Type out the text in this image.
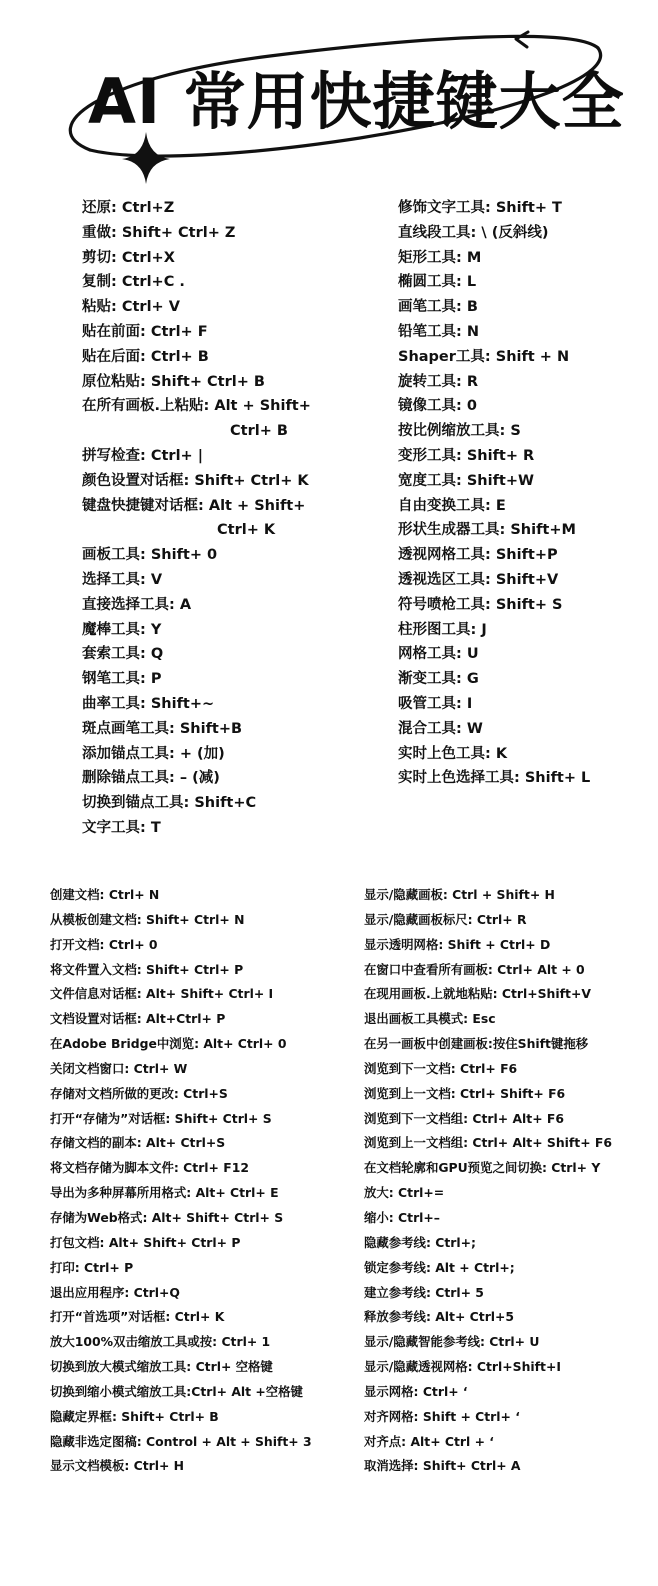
AI 常用快捷键大全
还原: Ctrl+Z
重做: Shift+ Ctrl+ Z
剪切: Ctrl+X
复制: Ctrl+C .
粘贴: Ctrl+ V
贴在前面: Ctrl+ F
贴在后面: Ctrl+ B
原位粘贴: Shift+ Ctrl+ B
在所有画板.上粘贴: Alt + Shift+
Ctrl+ B
拼写检查: Ctrl+ |
颜色设置对话框: Shift+ Ctrl+ K
键盘快捷键对话框: Alt + Shift+
Ctrl+ K
画板工具: Shift+ 0
选择工具: V
直接选择工具: A
魔棒工具: Y
套索工具: Q
钢笔工具: P
曲率工具: Shift+~
斑点画笔工具: Shift+B
添加锚点工具: + (加)
删除锚点工具: – (减)
切换到锚点工具: Shift+C
文字工具: T
修饰文字工具: Shift+ T
直线段工具: \ (反斜线)
矩形工具: M
椭圆工具: L
画笔工具: B
铅笔工具: N
Shaper工具: Shift + N
旋转工具: R
镜像工具: 0
按比例缩放工具: S
变形工具: Shift+ R
宽度工具: Shift+W
自由变换工具: E
形状生成器工具: Shift+M
透视网格工具: Shift+P
透视选区工具: Shift+V
符号喷枪工具: Shift+ S
柱形图工具: J
网格工具: U
渐变工具: G
吸管工具: I
混合工具: W
实时上色工具: K
实时上色选择工具: Shift+ L
创建文档: Ctrl+ N
从模板创建文档: Shift+ Ctrl+ N
打开文档: Ctrl+ 0
将文件置入文档: Shift+ Ctrl+ P
文件信息对话框: Alt+ Shift+ Ctrl+ I
文档设置对话框: Alt+Ctrl+ P
在Adobe Bridge中浏览: Alt+ Ctrl+ 0
关闭文档窗口: Ctrl+ W
存储对文档所做的更改: Ctrl+S
打开“存储为”对话框: Shift+ Ctrl+ S
存储文档的副本: Alt+ Ctrl+S
将文档存储为脚本文件: Ctrl+ F12
导出为多种屏幕所用格式: Alt+ Ctrl+ E
存储为Web格式: Alt+ Shift+ Ctrl+ S
打包文档: Alt+ Shift+ Ctrl+ P
打印: Ctrl+ P
退出应用程序: Ctrl+Q
打开“首选项”对话框: Ctrl+ K
放大100%双击缩放工具或按: Ctrl+ 1
切换到放大模式缩放工具: Ctrl+ 空格键
切换到缩小模式缩放工具:Ctrl+ Alt +空格键
隐藏定界框: Shift+ Ctrl+ B
隐藏非选定图稿: Control + Alt + Shift+ 3
显示文档模板: Ctrl+ H
显示/隐藏画板: Ctrl + Shift+ H
显示/隐藏画板标尺: Ctrl+ R
显示透明网格: Shift + Ctrl+ D
在窗口中查看所有画板: Ctrl+ Alt + 0
在现用画板.上就地粘贴: Ctrl+Shift+V
退出画板工具模式: Esc
在另一画板中创建画板:按住Shift键拖移
浏览到下一文档: Ctrl+ F6
浏览到上一文档: Ctrl+ Shift+ F6
浏览到下一文档组: Ctrl+ Alt+ F6
浏览到上一文档组: Ctrl+ Alt+ Shift+ F6
在文档轮廓和GPU预览之间切换: Ctrl+ Y
放大: Ctrl+=
缩小: Ctrl+–
隐藏参考线: Ctrl+;
锁定参考线: Alt + Ctrl+;
建立参考线: Ctrl+ 5
释放参考线: Alt+ Ctrl+5
显示/隐藏智能参考线: Ctrl+ U
显示/隐藏透视网格: Ctrl+Shift+I
显示网格: Ctrl+ ‘
对齐网格: Shift + Ctrl+ ‘
对齐点: Alt+ Ctrl + ‘
取消选择: Shift+ Ctrl+ A
